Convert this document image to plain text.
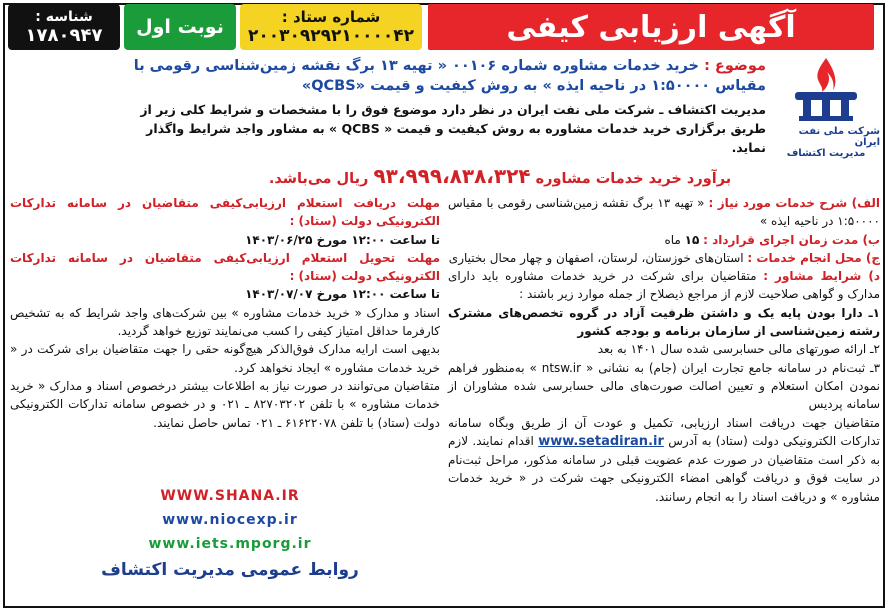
آگهی ارزیابی کیفی
شماره ستاد :
۲۰۰۳۰۹۲۹۲۱۰۰۰۰۴۲
نوبت اول
شناسه :
۱۷۸۰۹۴۷
شرکت ملی نفت ایران
مدیریت اکتشاف
موضوع : خرید خدمات مشاوره شماره ۰۰۱۰۶ « تهیه ۱۳ برگ نقشه زمین‌شناسی رقومی با مقیاس ۱:۵۰۰۰۰ در ناحیه ایذه » به روش کیفیت و قیمت «QCBS»
مدیریت اکتشاف ـ شرکت ملی نفت ایران در نظر دارد موضوع فوق را با مشخصات و شرایط کلی زیر از طریق برگزاری خرید خدمات مشاوره به روش کیفیت و قیمت « QCBS » به مشاور واجد شرایط واگذار نماید.
برآورد خرید خدمات مشاوره ۹۳،۹۹۹،۸۳۸،۳۲۴ ریال می‌باشد.
الف) شرح خدمات مورد نیاز : « تهیه ۱۳ برگ نقشه زمین‌شناسی رقومی با مقیاس ۱:۵۰۰۰۰ در ناحیه ایذه »
ب) مدت زمان اجرای قرارداد : ۱۵ ماه
ج) محل انجام خدمات : استان‌های خوزستان، لرستان، اصفهان و چهار محال بختیاری
د) شرایط مشاور : متقاضیان برای شرکت در خرید خدمات مشاوره باید دارای مدارک و گواهی صلاحیت لازم از مراجع ذیصلاح از جمله موارد زیر باشند :
۱ـ دارا بودن پایه یک و داشتن ظرفیت آزاد در گروه تخصص‌های مشترک رشته زمین‌شناسی از سازمان برنامه و بودجه کشور
۲ـ ارائه صورتهای مالی حسابرسی شده سال ۱۴۰۱ به بعد
۳ـ ثبت‌نام در سامانه جامع تجارت ایران (جام) به نشانی « ntsw.ir » به‌منظور فراهم نمودن امکان استعلام و تعیین اصالت صورت‌های مالی حسابرسی شده مشاوران از سامانه پردیس
متقاضیان جهت دریافت اسناد ارزیابی، تکمیل و عودت آن از طریق وبگاه سامانه تدارکات الکترونیکی دولت (ستاد) به آدرس www.setadiran.ir اقدام نمایند. لازم به ذکر است متقاضیان در صورت عدم عضویت قبلی در سامانه مذکور، مراحل ثبت‌نام در سایت فوق و دریافت گواهی امضاء الکترونیکی جهت شرکت در « خرید خدمات مشاوره » و دریافت اسناد را به انجام رسانند.
مهلت دریافت استعلام ارزیابی‌کیفی متقاضیان در سامانه تدارکات الکترونیکی دولت (ستاد) :
تا ساعت ۱۲:۰۰ مورخ ۱۴۰۳/۰۶/۲۵
مهلت تحویل استعلام ارزیابی‌کیفی متقاضیان در سامانه تدارکات الکترونیکی دولت (ستاد) :
تا ساعت ۱۲:۰۰ مورخ ۱۴۰۳/۰۷/۰۷
اسناد و مدارک « خرید خدمات مشاوره » بین شرکت‌های واجد شرایط که به تشخیص کارفرما حداقل امتیاز کیفی را کسب می‌نمایند توزیع خواهد گردید.
بدیهی است ارایه مدارک فوق‌الذکر هیچ‌گونه حقی را جهت متقاضیان برای شرکت در « خرید خدمات مشاوره » ایجاد نخواهد کرد.
متقاضیان می‌توانند در صورت نیاز به اطلاعات بیشتر درخصوص اسناد و مدارک « خرید خدمات مشاوره » با تلفن ۸۲۷۰۳۲۰۲ ـ ۰۲۱ و در خصوص سامانه تدارکات الکترونیکی دولت (ستاد) با تلفن ۶۱۶۲۲۰۷۸ ـ ۰۲۱ تماس حاصل نمایند.
WWW.SHANA.IR
www.niocexp.ir
www.iets.mporg.ir
روابط عمومی مدیریت اکتشاف
